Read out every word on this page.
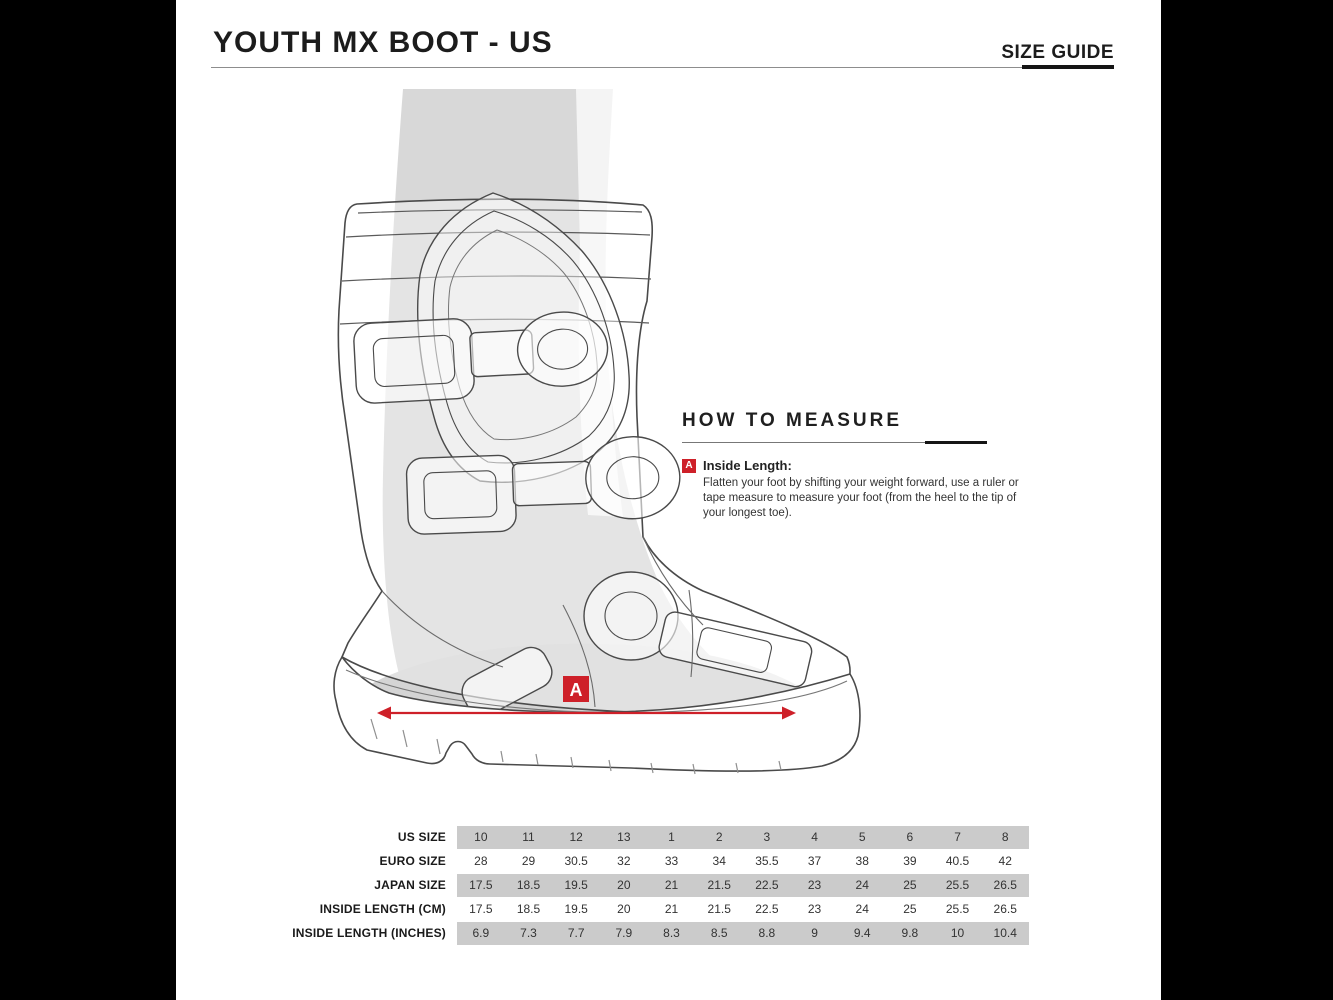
YOUTH MX BOOT - US	SIZE GUIDE
A
HOW TO MEASURE
A Inside Length:
Flatten your foot by shifting your weight forward, use a ruler or tape measure to measure your foot (from the heel to the tip of your longest toe).
US SIZE	10	11	12	13	1	2	3	4	5	6	7	8
EURO SIZE	28	29	30.5	32	33	34	35.5	37	38	39	40.5	42
JAPAN SIZE	17.5	18.5	19.5	20	21	21.5	22.5	23	24	25	25.5	26.5
INSIDE LENGTH (CM)	17.5	18.5	19.5	20	21	21.5	22.5	23	24	25	25.5	26.5
INSIDE LENGTH (INCHES)	6.9	7.3	7.7	7.9	8.3	8.5	8.8	9	9.4	9.8	10	10.4
